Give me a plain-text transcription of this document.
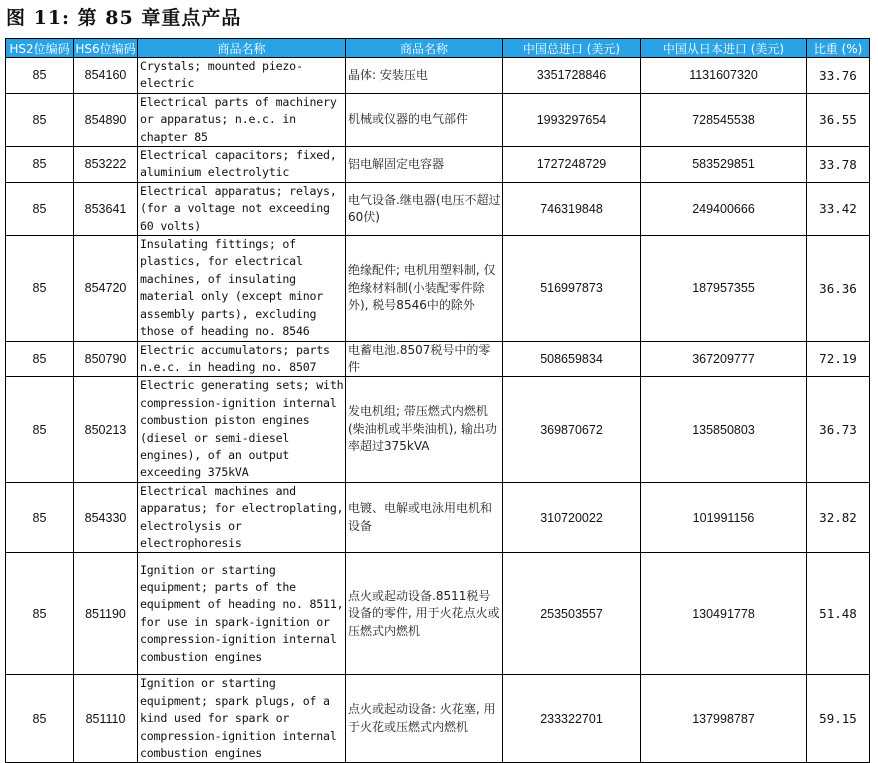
图 11: 第 85 章重点产品
HS2位编码	HS6位编码	商品名称	商品名称	中国总进口 (美元)	中国从日本进口 (美元)	比重 (%)
85	854160	Crystals; mounted piezo-electric	晶体: 安装压电	3351728846	1131607320	33.76
85	854890	Electrical parts of machinery or apparatus; n.e.c. in chapter 85	机械或仪器的电气部件	1993297654	728545538	36.55
85	853222	Electrical capacitors; fixed, aluminium electrolytic	铝电解固定电容器	1727248729	583529851	33.78
85	853641	Electrical apparatus; relays, (for a voltage not exceeding 60 volts)	电气设备.继电器(电压不超过60伏)	746319848	249400666	33.42
85	854720	Insulating fittings; of plastics, for electrical machines, of insulating material only (except minor assembly parts), excluding those of heading no. 8546	绝缘配件; 电机用塑料制, 仅绝缘材料制(小装配零件除外), 税号8546中的除外	516997873	187957355	36.36
85	850790	Electric accumulators; parts n.e.c. in heading no. 8507	电蓄电池.8507税号中的零件	508659834	367209777	72.19
85	850213	Electric generating sets; with compression-ignition internal combustion piston engines (diesel or semi-diesel engines), of an output exceeding 375kVA	发电机组; 带压燃式内燃机(柴油机或半柴油机), 输出功率超过375kVA	369870672	135850803	36.73
85	854330	Electrical machines and apparatus; for electroplating, electrolysis or electrophoresis	电镀、电解或电泳用电机和设备	310720022	101991156	32.82
85	851190	Ignition or starting equipment; parts of the equipment of heading no. 8511, for use in spark-ignition or compression-ignition internal combustion engines	点火或起动设备.8511税号设备的零件, 用于火花点火或压燃式内燃机	253503557	130491778	51.48
85	851110	Ignition or starting equipment; spark plugs, of a kind used for spark or compression-ignition internal combustion engines	点火或起动设备: 火花塞, 用于火花或压燃式内燃机	233322701	137998787	59.15
